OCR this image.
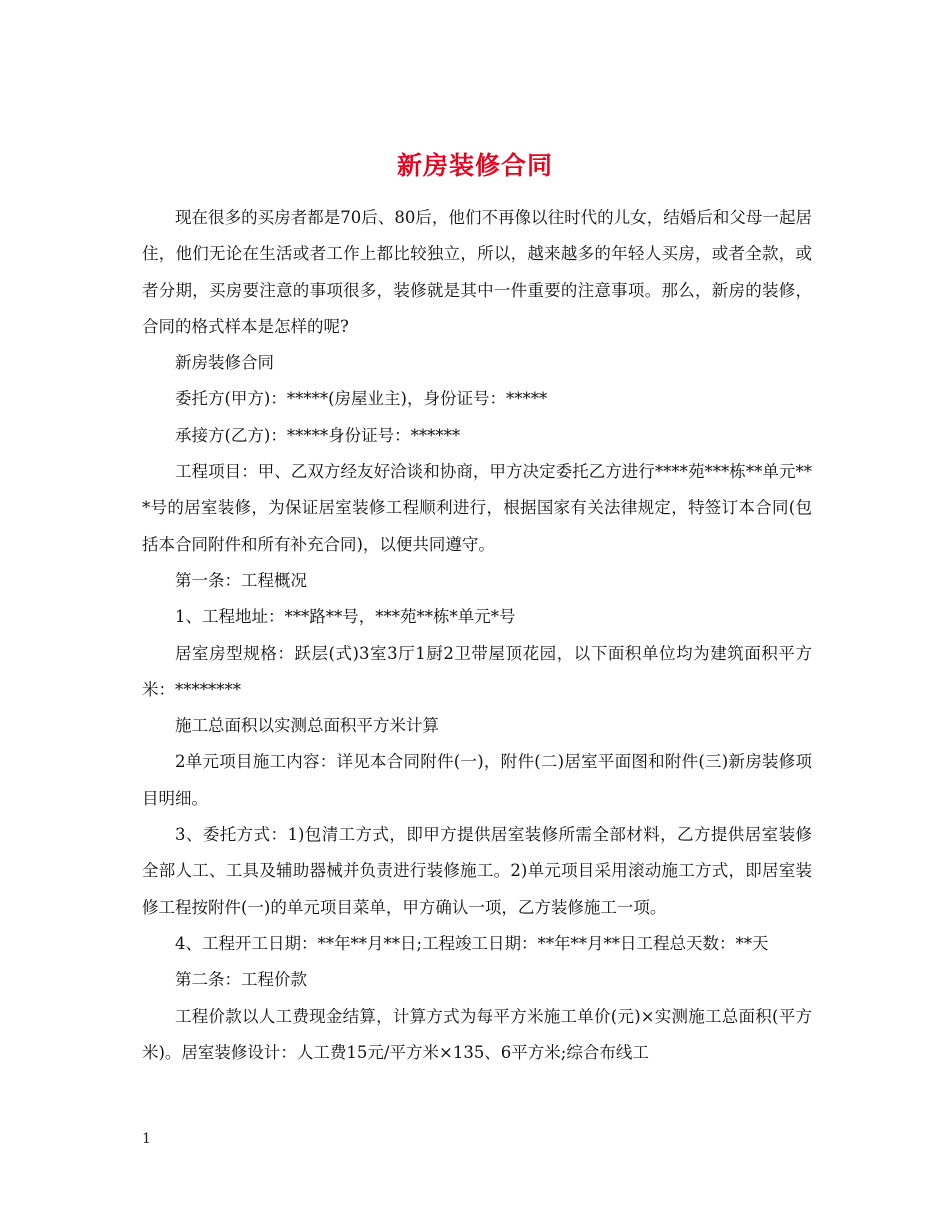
新房装修合同

现在很多的买房者都是70后、80后，他们不再像以往时代的儿女，结婚后和父母一起居住，他们无论在生活或者工作上都比较独立，所以，越来越多的年轻人买房，或者全款，或者分期，买房要注意的事项很多，装修就是其中一件重要的注意事项。那么，新房的装修，合同的格式样本是怎样的呢?

新房装修合同

委托方(甲方)：*****(房屋业主)，身份证号：*****

承接方(乙方)：*****身份证号：******

工程项目：甲、乙双方经友好洽谈和协商，甲方决定委托乙方进行****苑***栋**单元***号的居室装修，为保证居室装修工程顺利进行，根据国家有关法律规定，特签订本合同(包括本合同附件和所有补充合同)，以便共同遵守。

第一条：工程概况

1、工程地址：***路**号，***苑**栋*单元*号

居室房型规格：跃层(式)3室3厅1厨2卫带屋顶花园，以下面积单位均为建筑面积平方米：********

施工总面积以实测总面积平方米计算

2单元项目施工内容：详见本合同附件(一)，附件(二)居室平面图和附件(三)新房装修项目明细。

3、委托方式：1)包清工方式，即甲方提供居室装修所需全部材料，乙方提供居室装修全部人工、工具及辅助器械并负责进行装修施工。2)单元项目采用滚动施工方式，即居室装修工程按附件(一)的单元项目菜单，甲方确认一项，乙方装修施工一项。

4、工程开工日期：**年**月**日;工程竣工日期：**年**月**日工程总天数：**天

第二条：工程价款

工程价款以人工费现金结算，计算方式为每平方米施工单价(元)×实测施工总面积(平方米)。居室装修设计：人工费15元/平方米×135、6平方米;综合布线工

1
